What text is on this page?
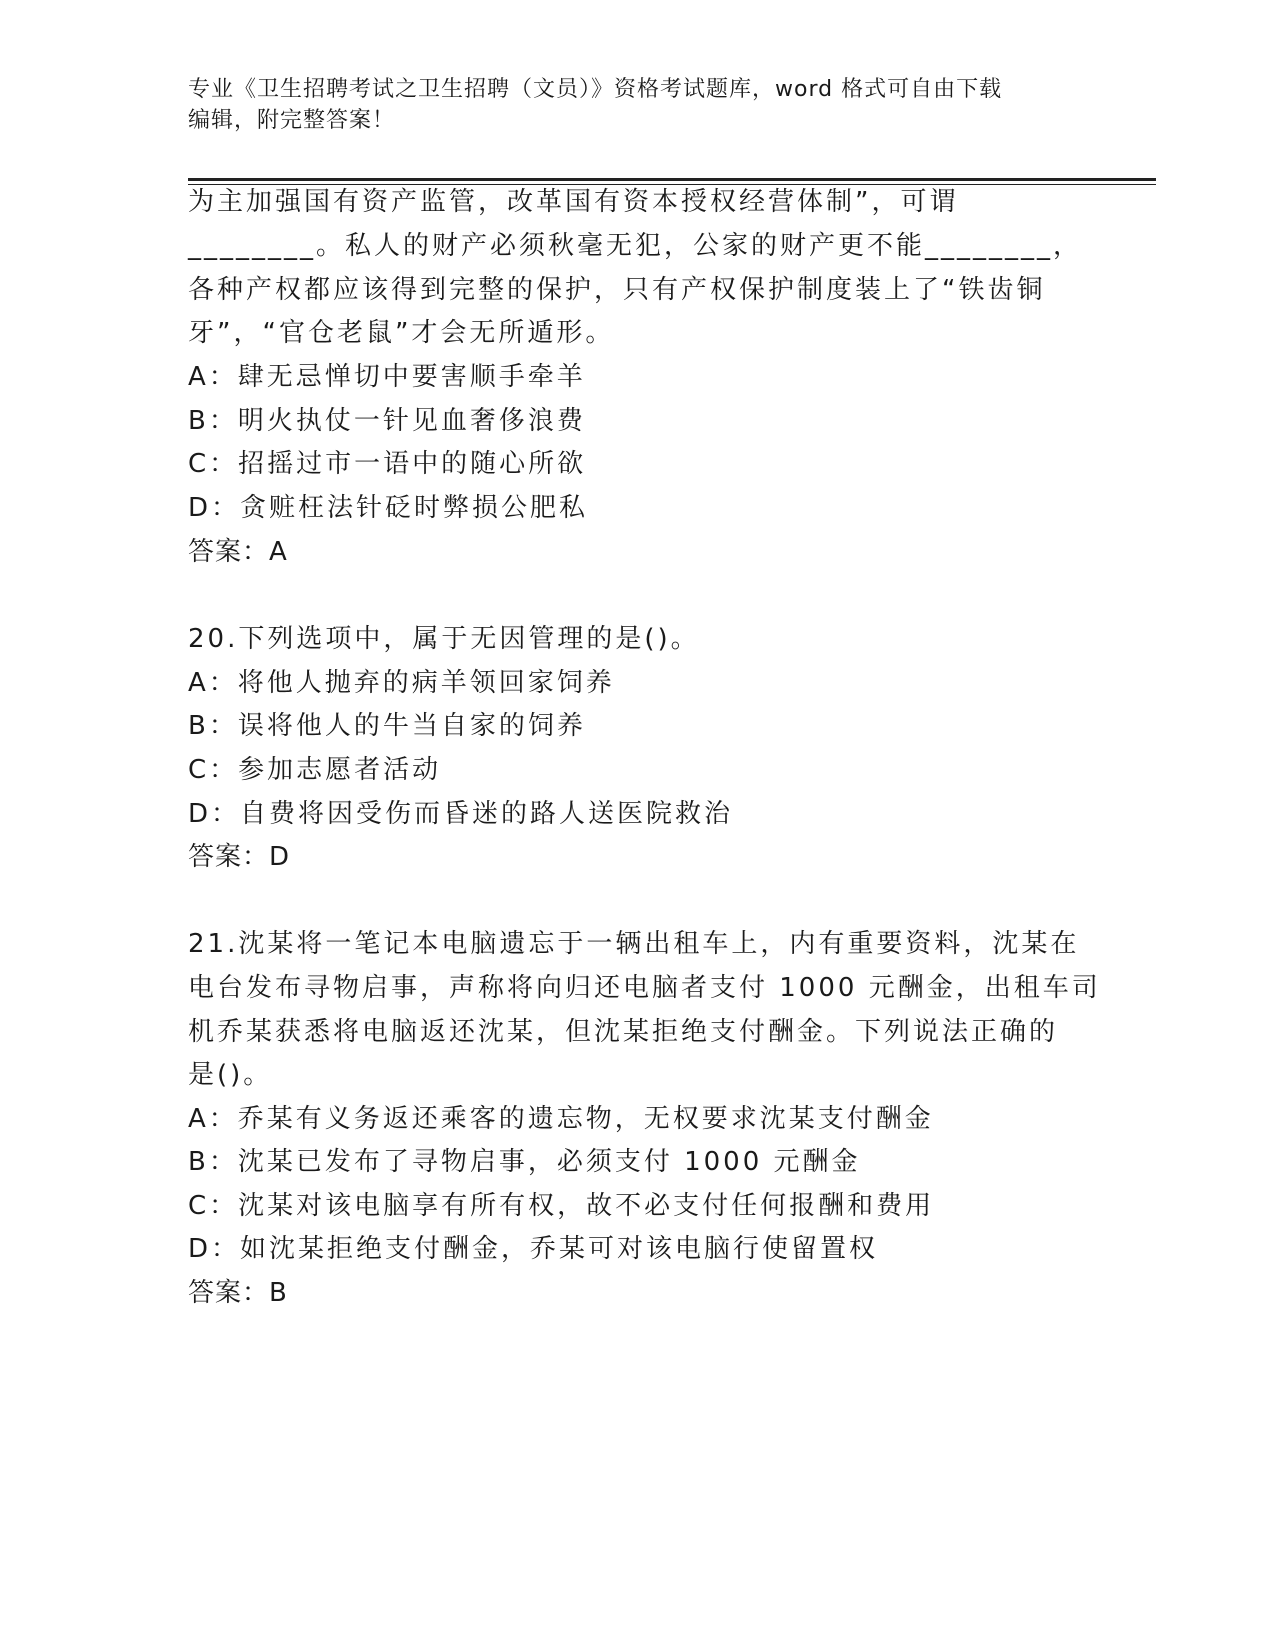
专业《卫生招聘考试之卫生招聘（文员）》资格考试题库，word 格式可自由下载
编辑，附完整答案！
为主加强国有资产监管，改革国有资本授权经营体制”，可谓
________。私人的财产必须秋毫无犯，公家的财产更不能________，
各种产权都应该得到完整的保护，只有产权保护制度装上了“铁齿铜
牙”，“官仓老鼠”才会无所遁形。
A：肆无忌惮切中要害顺手牵羊
B：明火执仗一针见血奢侈浪费
C：招摇过市一语中的随心所欲
D：贪赃枉法针砭时弊损公肥私
答案：A
20.下列选项中，属于无因管理的是()。
A：将他人抛弃的病羊领回家饲养
B：误将他人的牛当自家的饲养
C：参加志愿者活动
D：自费将因受伤而昏迷的路人送医院救治
答案：D
21.沈某将一笔记本电脑遗忘于一辆出租车上，内有重要资料，沈某在
电台发布寻物启事，声称将向归还电脑者支付 1000 元酬金，出租车司
机乔某获悉将电脑返还沈某，但沈某拒绝支付酬金。下列说法正确的
是()。
A：乔某有义务返还乘客的遗忘物，无权要求沈某支付酬金
B：沈某已发布了寻物启事，必须支付 1000 元酬金
C：沈某对该电脑享有所有权，故不必支付任何报酬和费用
D：如沈某拒绝支付酬金，乔某可对该电脑行使留置权
答案：B
